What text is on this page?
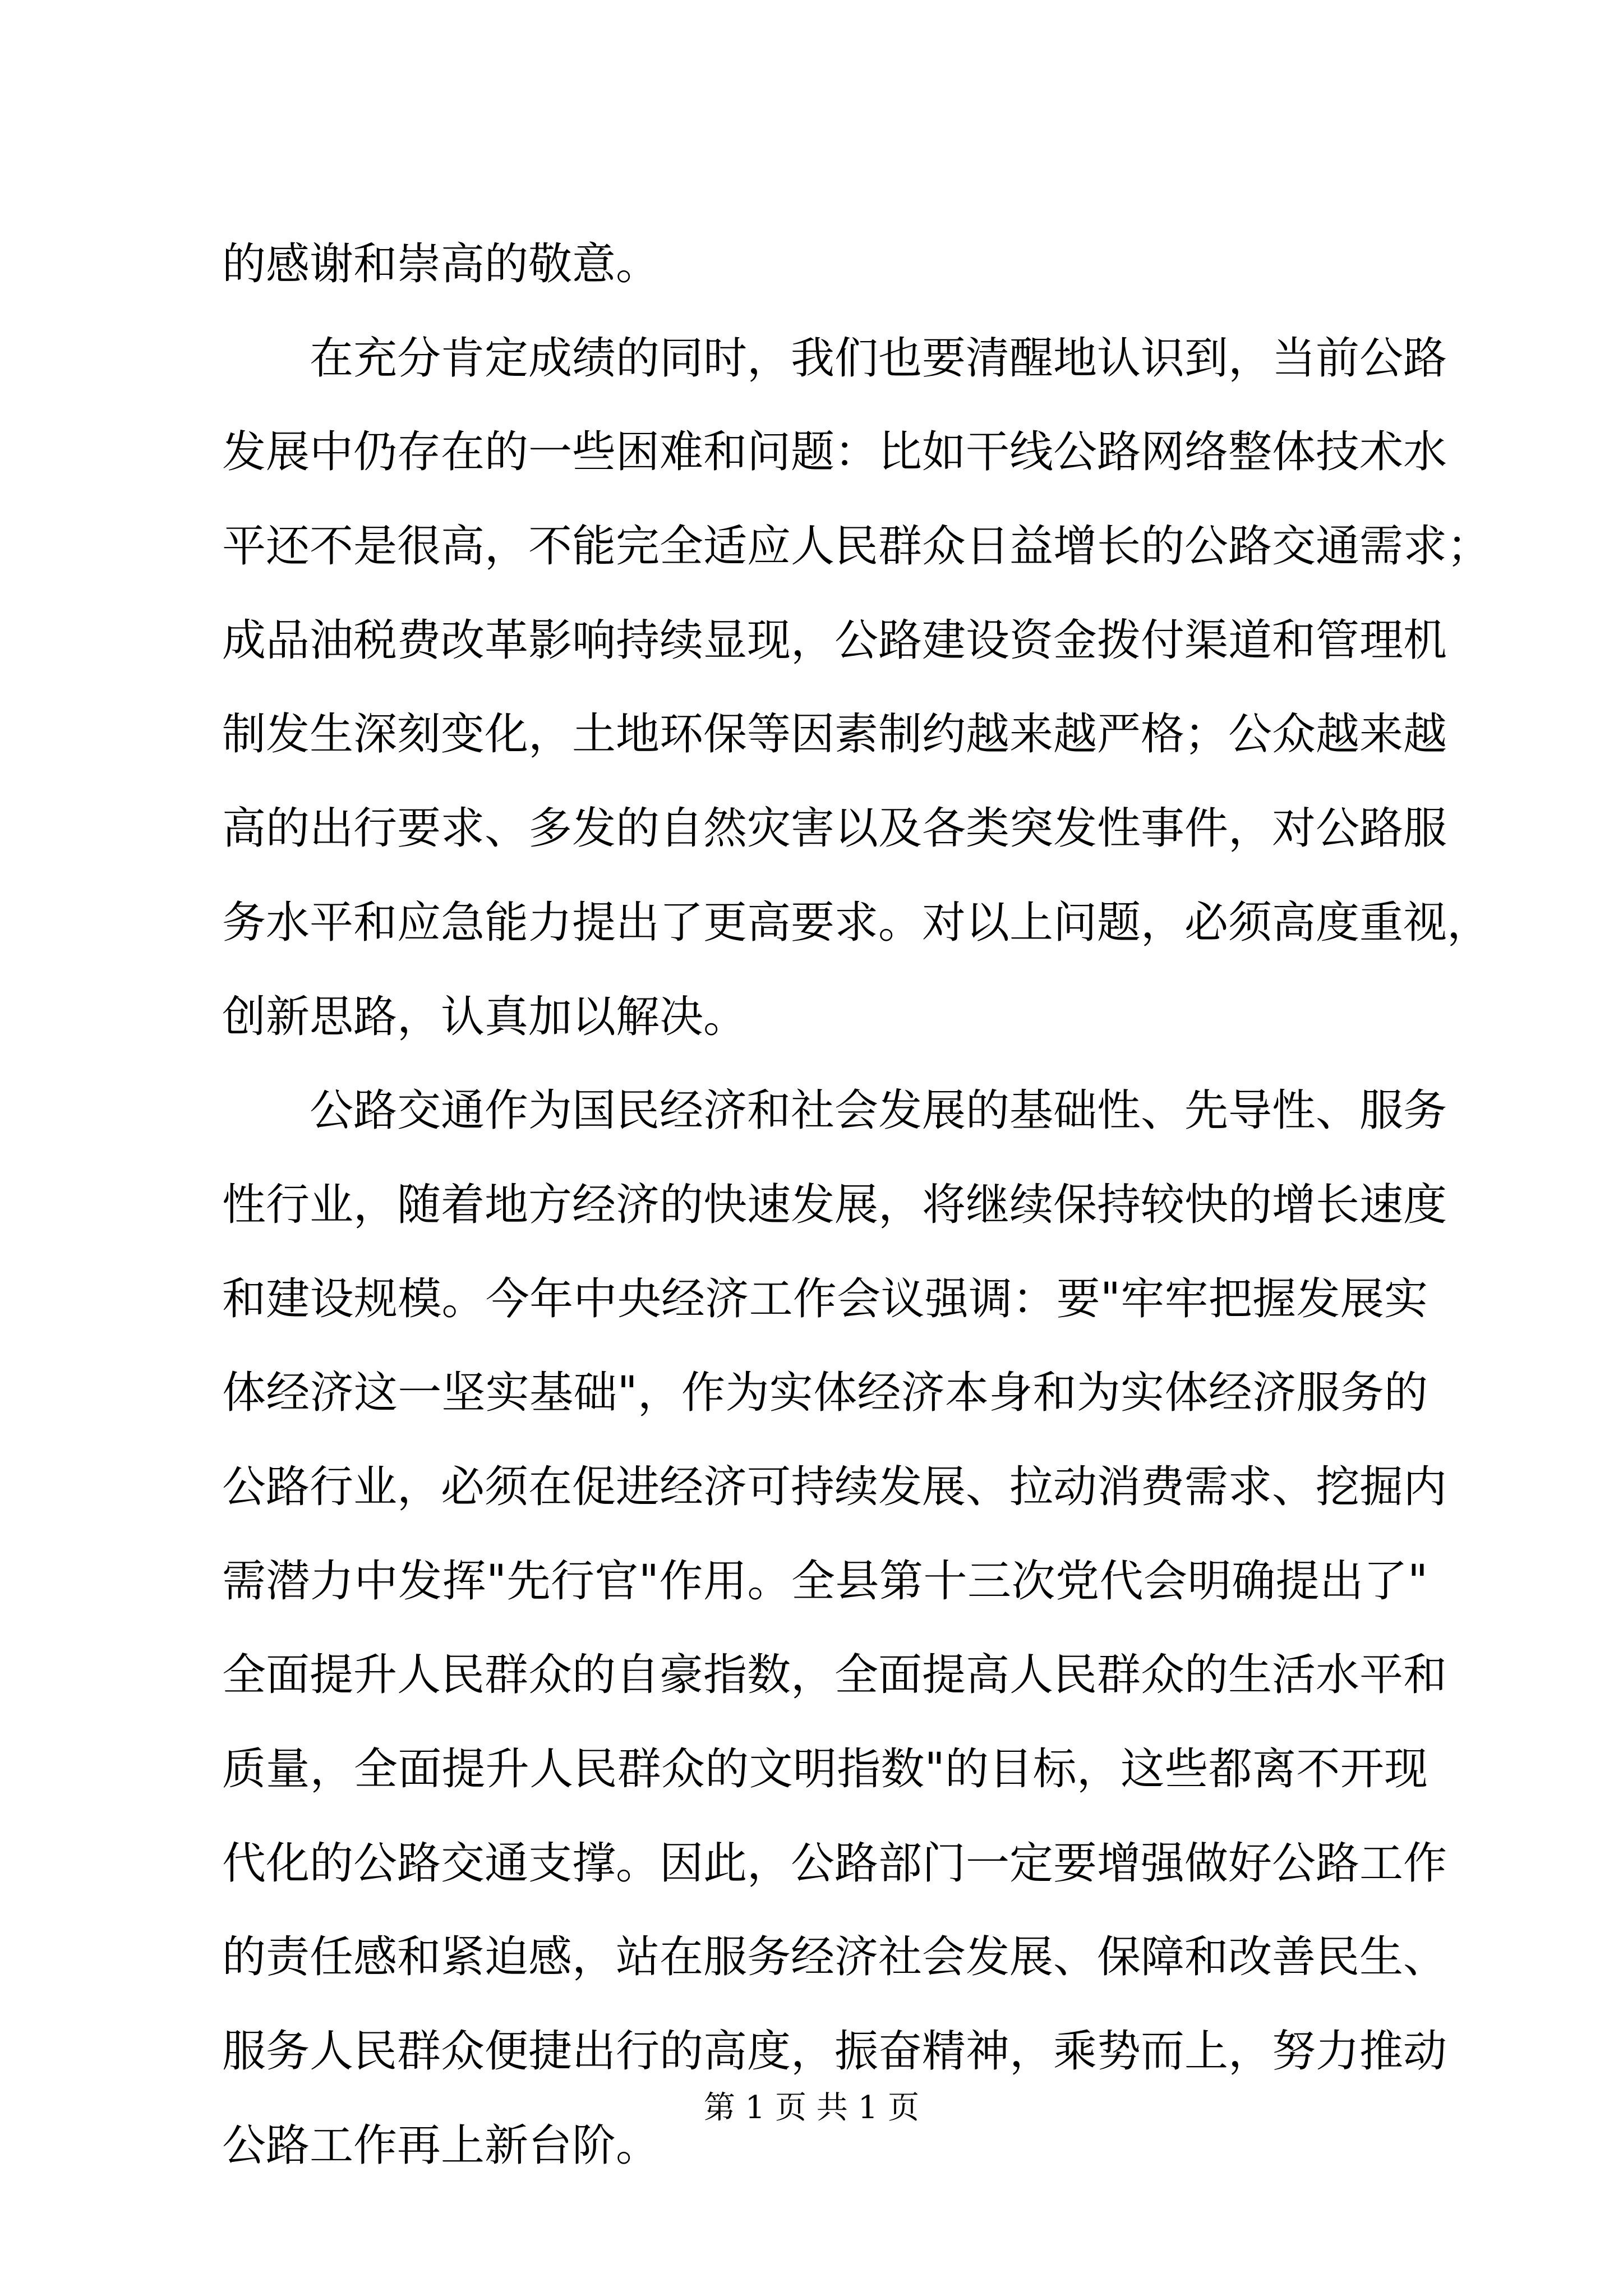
的感谢和崇高的敬意。
在充分肯定成绩的同时，我们也要清醒地认识到，当前公路
发展中仍存在的一些困难和问题：比如干线公路网络整体技术水
平还不是很高，不能完全适应人民群众日益增长的公路交通需求；
成品油税费改革影响持续显现，公路建设资金拨付渠道和管理机
制发生深刻变化，土地环保等因素制约越来越严格；公众越来越
高的出行要求、多发的自然灾害以及各类突发性事件，对公路服
务水平和应急能力提出了更高要求。对以上问题，必须高度重视，
创新思路，认真加以解决。
公路交通作为国民经济和社会发展的基础性、先导性、服务
性行业，随着地方经济的快速发展，将继续保持较快的增长速度
和建设规模。今年中央经济工作会议强调：要"牢牢把握发展实
体经济这一坚实基础"，作为实体经济本身和为实体经济服务的
公路行业，必须在促进经济可持续发展、拉动消费需求、挖掘内
需潜力中发挥"先行官"作用。全县第十三次党代会明确提出了"
全面提升人民群众的自豪指数，全面提高人民群众的生活水平和
质量，全面提升人民群众的文明指数"的目标，这些都离不开现
代化的公路交通支撑。因此，公路部门一定要增强做好公路工作
的责任感和紧迫感，站在服务经济社会发展、保障和改善民生、
服务人民群众便捷出行的高度，振奋精神，乘势而上，努力推动
公路工作再上新台阶。
第 1 页 共 1 页
